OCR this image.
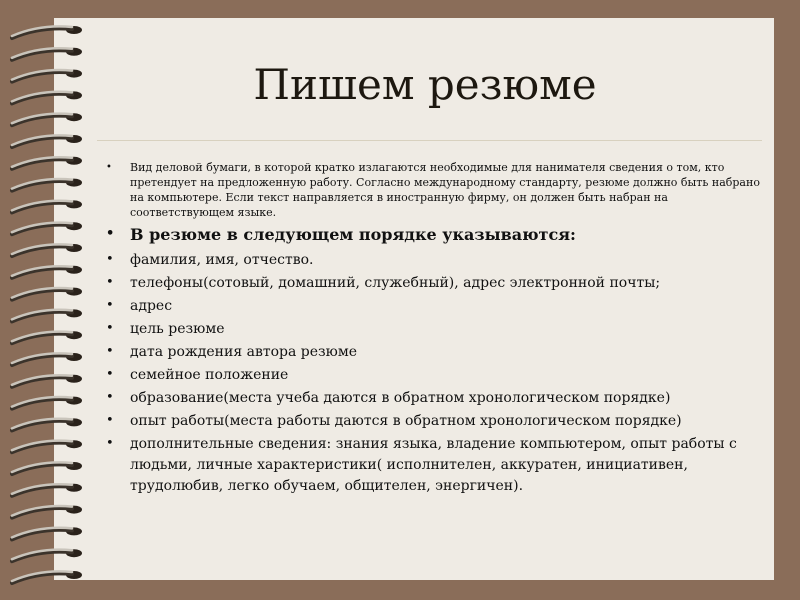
Пишем резюме
•	Вид деловой бумаги, в которой кратко излагаются необходимые для нанимателя сведения о том, кто претендует на предложенную работу. Согласно международному стандарту, резюме должно быть набрано на компьютере. Если текст направляется в иностранную фирму, он должен быть набран на соответствующем языке.
• В резюме в следующем порядке указываются:
•	фамилия, имя, отчество.
•	телефоны(сотовый, домашний, служебный), адрес электронной почты;
•	адрес
•	цель резюме
•	дата рождения автора резюме
•	семейное положение
•	образование(места учеба даются в обратном хронологическом порядке)
•	опыт работы(места работы даются в обратном хронологическом порядке)
•	дополнительные сведения: знания языка, владение компьютером, опыт работы с людьми, личные характеристики( исполнителен, аккуратен, инициативен, трудолюбив, легко обучаем, общителен, энергичен).
